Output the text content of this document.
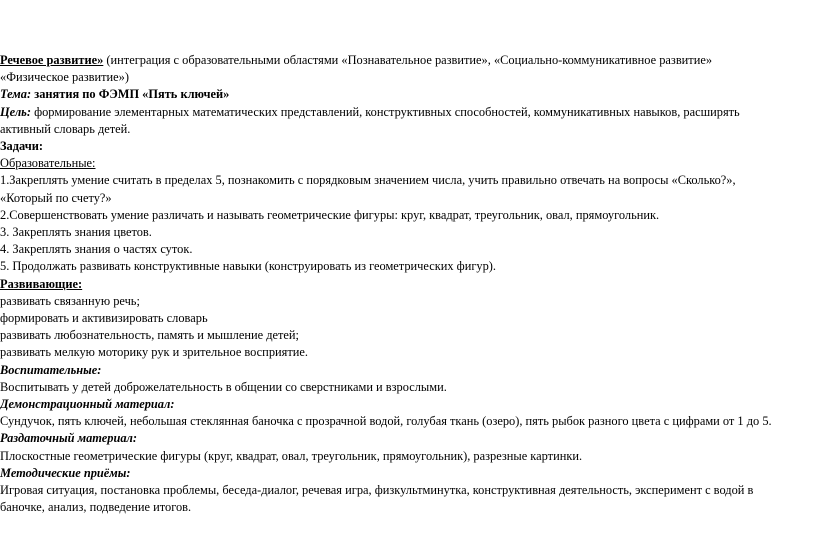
Речевое развитие» (интеграция с образовательными областями «Познавательное развитие», «Социально-коммуникативное развитие»

«Физическое развитие»)

Тема: занятия по ФЭМП «Пять ключей»

Цель: формирование элементарных математических представлений, конструктивных способностей, коммуникативных навыков, расширять

активный словарь детей.

Задачи:

Образовательные:

1.Закреплять умение считать в пределах 5, познакомить с порядковым значением числа, учить правильно отвечать на вопросы «Сколько?»,

«Который по счету?»

2.Совершенствовать умение различать и называть геометрические фигуры: круг, квадрат, треугольник, овал, прямоугольник.

3. Закреплять знания цветов.

4. Закреплять знания о частях суток.

5. Продолжать развивать конструктивные навыки (конструировать из геометрических фигур).

Развивающие:

развивать связанную речь;

формировать и активизировать словарь

развивать любознательность, память и мышление детей;

развивать мелкую моторику рук и зрительное восприятие.

Воспитательные:

Воспитывать у детей доброжелательность в общении со сверстниками и взрослыми.

Демонстрационный материал:

Сундучок, пять ключей, небольшая стеклянная баночка с прозрачной водой, голубая ткань (озеро), пять рыбок разного цвета с цифрами от 1 до 5.

Раздаточный материал:

Плоскостные геометрические фигуры (круг, квадрат, овал, треугольник, прямоугольник), разрезные картинки.

Методические приёмы:

Игровая ситуация, постановка проблемы, беседа-диалог, речевая игра, физкультминутка, конструктивная деятельность, эксперимент с водой в

баночке, анализ, подведение итогов.
